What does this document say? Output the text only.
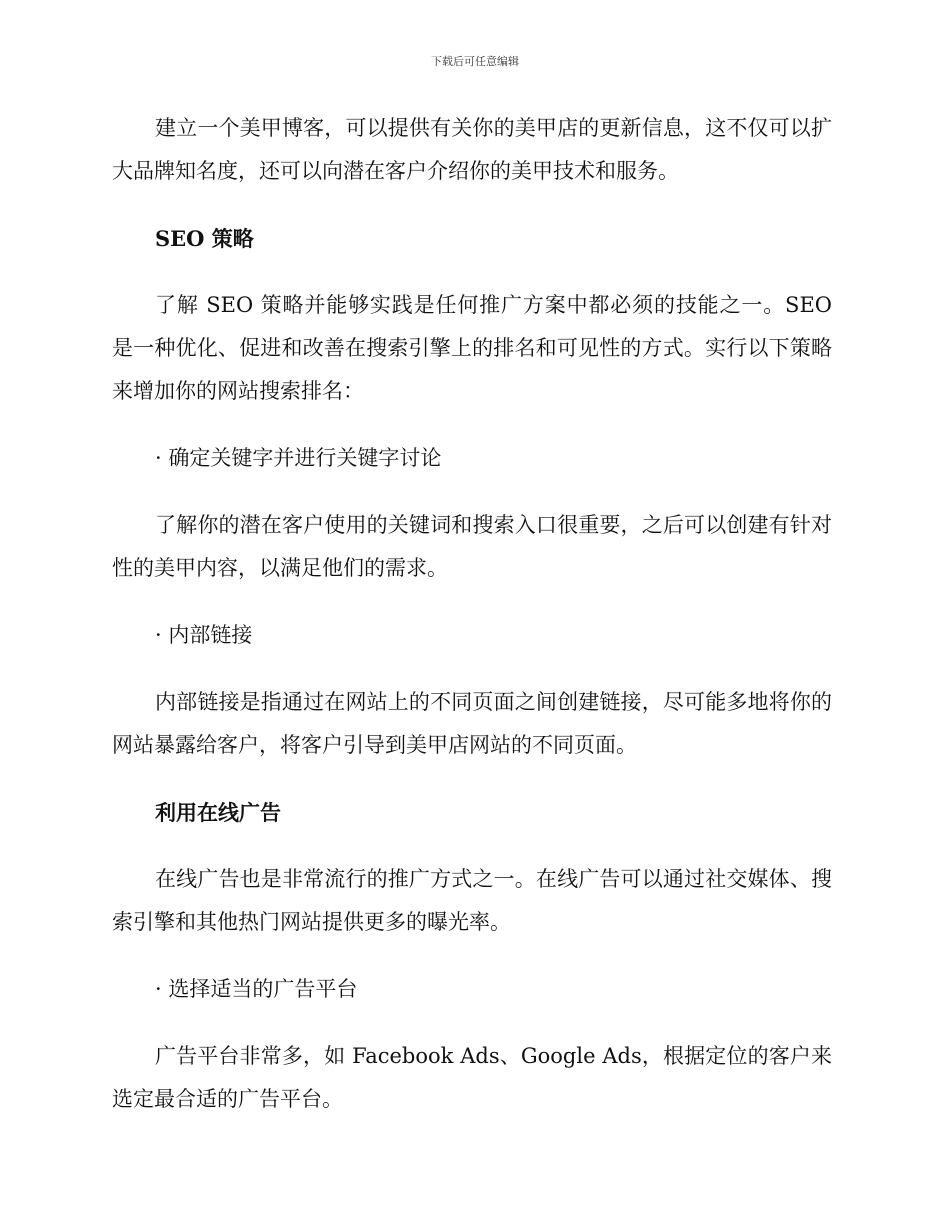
下载后可任意编辑

建立一个美甲博客，可以提供有关你的美甲店的更新信息，这不仅可以扩大品牌知名度，还可以向潜在客户介绍你的美甲技术和服务。

SEO 策略

了解 SEO 策略并能够实践是任何推广方案中都必须的技能之一。SEO 是一种优化、促进和改善在搜索引擎上的排名和可见性的方式。实行以下策略来增加你的网站搜索排名：

· 确定关键字并进行关键字讨论

了解你的潜在客户使用的关键词和搜索入口很重要，之后可以创建有针对性的美甲内容，以满足他们的需求。

· 内部链接

内部链接是指通过在网站上的不同页面之间创建链接，尽可能多地将你的网站暴露给客户，将客户引导到美甲店网站的不同页面。

利用在线广告

在线广告也是非常流行的推广方式之一。在线广告可以通过社交媒体、搜索引擎和其他热门网站提供更多的曝光率。

· 选择适当的广告平台

广告平台非常多，如 Facebook Ads、Google Ads，根据定位的客户来选定最合适的广告平台。
